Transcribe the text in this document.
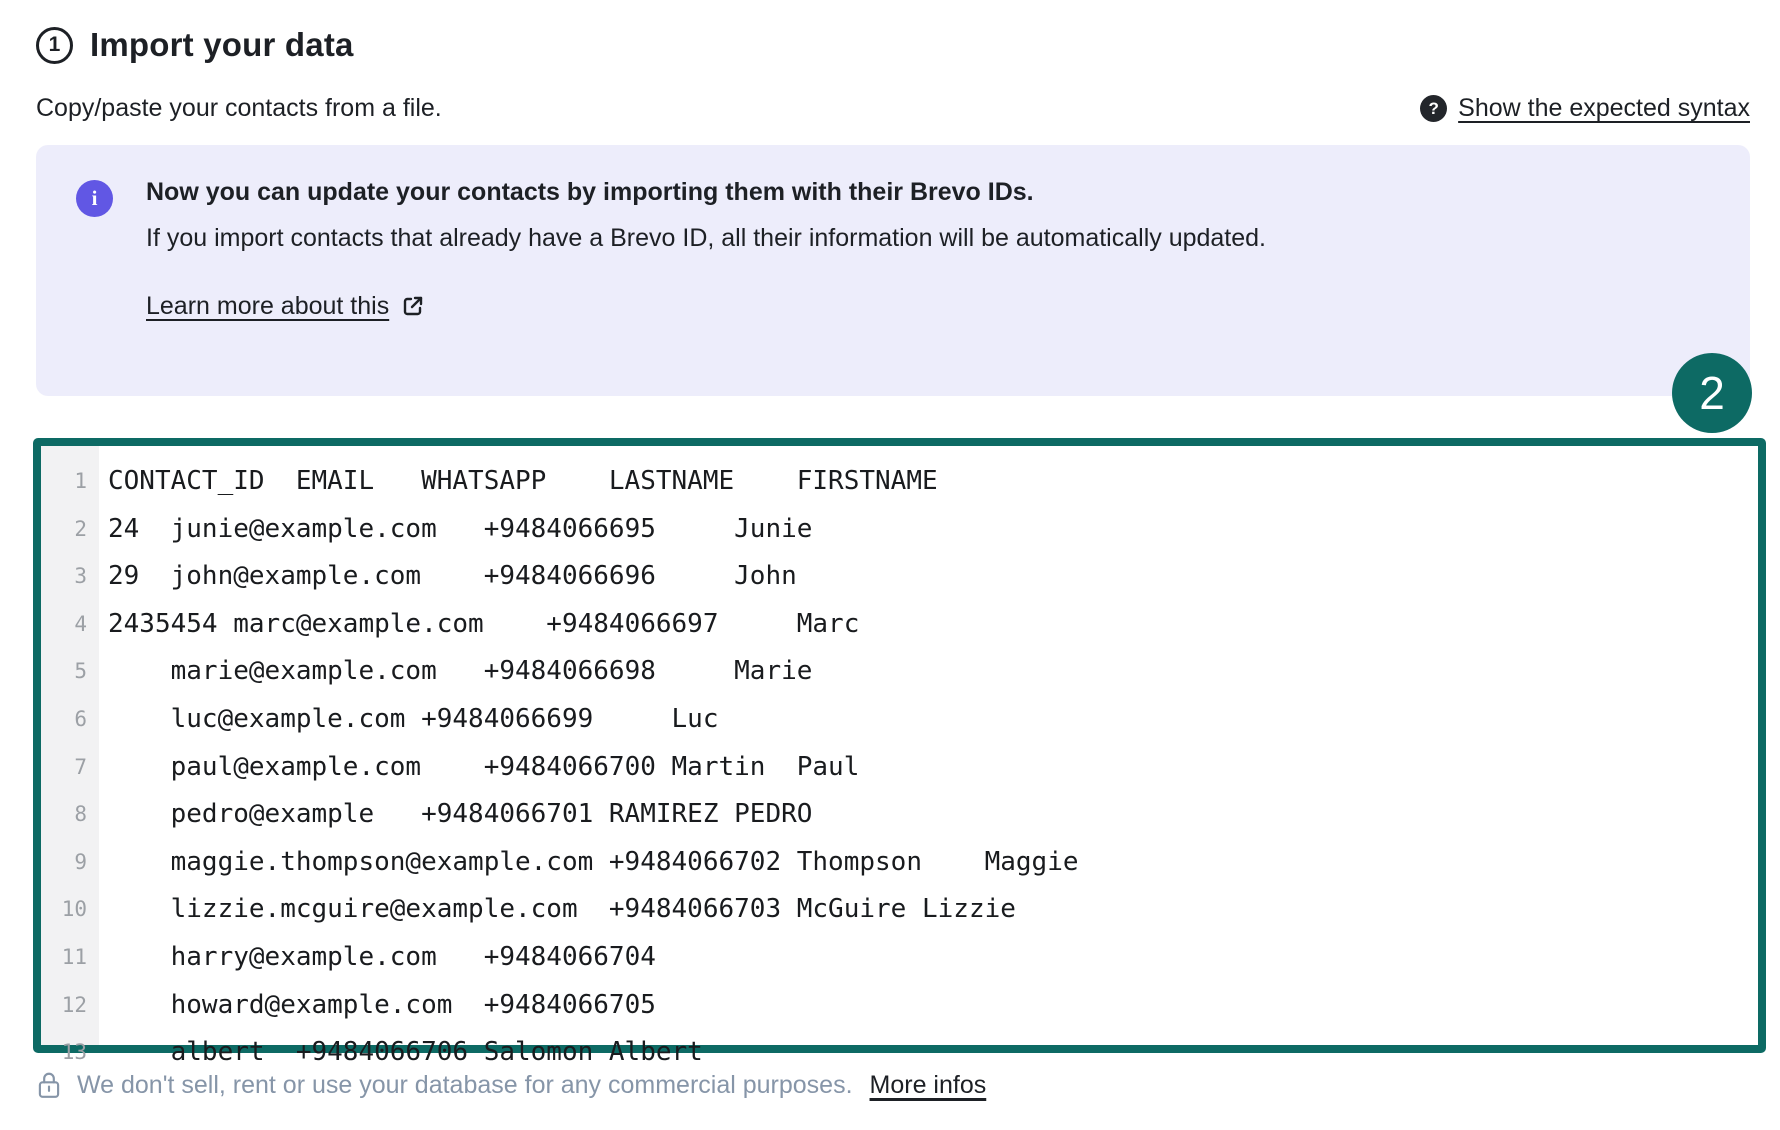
1 Import your data
Copy/paste your contacts from a file.	? Show the expected syntax
i	Now you can update your contacts by importing them with their Brevo IDs.
If you import contacts that already have a Brevo ID, all their information will be automatically updated.
Learn more about this
2
1
2
3
4
5
6
7
8
9
10
11
12
13
CONTACT_ID	EMAIL	WHATSAPP	LASTNAME	FIRSTNAME
24	junie@example.com	+9484066695		Junie
29	john@example.com	+9484066696		John
2435454	marc@example.com	+9484066697		Marc
	marie@example.com	+9484066698		Marie
	luc@example.com	+9484066699		Luc
	paul@example.com	+9484066700	Martin	Paul
	pedro@example	+9484066701	RAMIREZ	PEDRO
	maggie.thompson@example.com	+9484066702	Thompson	Maggie
	lizzie.mcguire@example.com	+9484066703	McGuire	Lizzie
	harry@example.com	+9484066704
	howard@example.com	+9484066705
	albert	+9484066706	Salomon	Albert
We don't sell, rent or use your database for any commercial purposes. More infos
